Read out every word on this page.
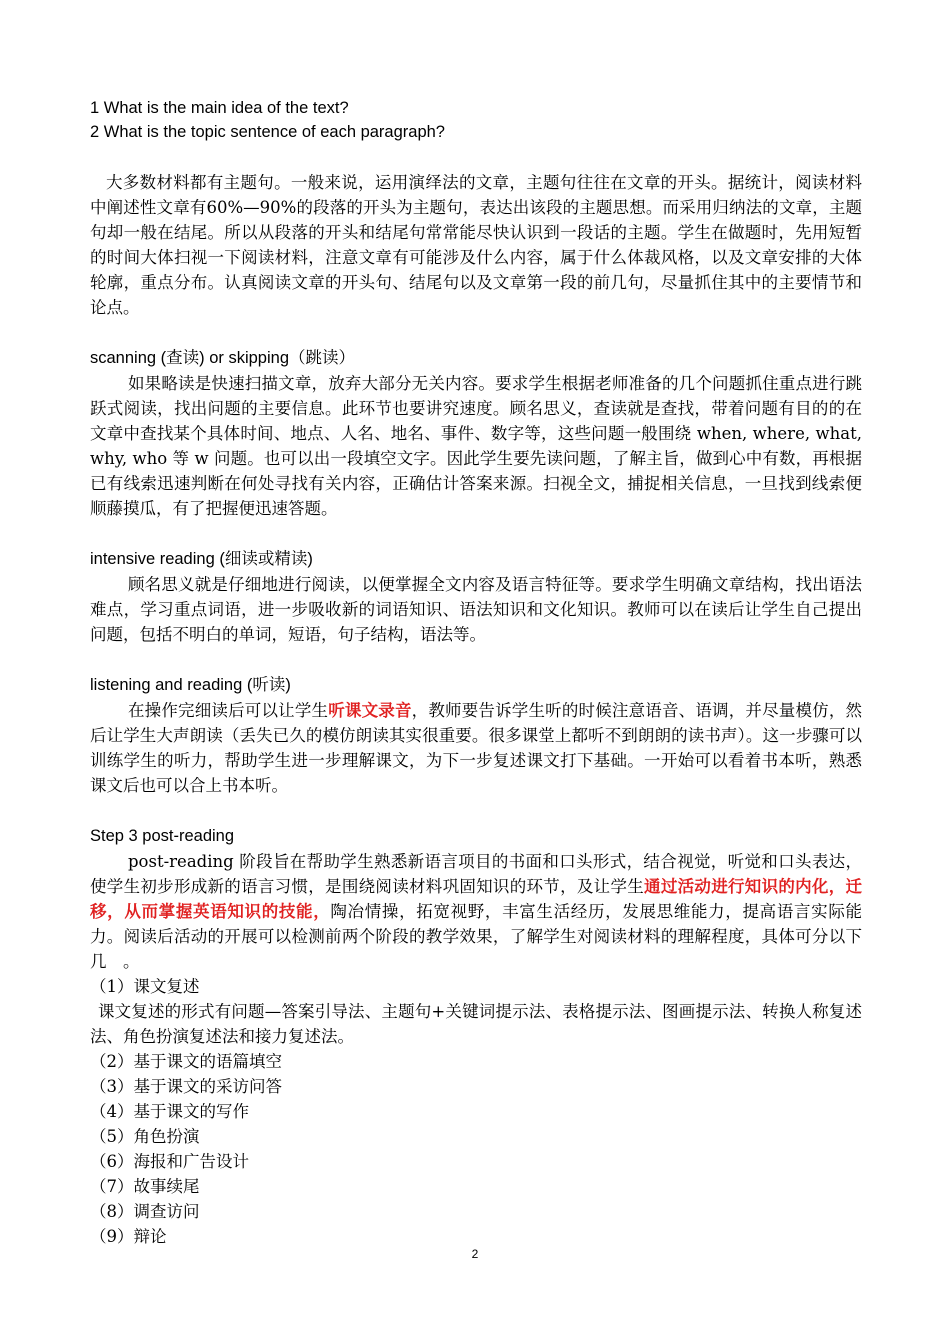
1 What is the main idea of the text?
2 What is the topic sentence of each paragraph?

大多数材料都有主题句。一般来说，运用演绎法的文章，主题句往往在文章的开头。据统计，阅读材料中阐述性文章有60%—90%的段落的开头为主题句，表达出该段的主题思想。而采用归纳法的文章，主题句却一般在结尾。所以从段落的开头和结尾句常常能尽快认识到一段话的主题。学生在做题时，先用短暂的时间大体扫视一下阅读材料，注意文章有可能涉及什么内容，属于什么体裁风格，以及文章安排的大体轮廓，重点分布。认真阅读文章的开头句、结尾句以及文章第一段的前几句，尽量抓住其中的主要情节和论点。

scanning (查读) or skipping（跳读）

如果略读是快速扫描文章，放弃大部分无关内容。要求学生根据老师准备的几个问题抓住重点进行跳跃式阅读，找出问题的主要信息。此环节也要讲究速度。顾名思义，查读就是查找，带着问题有目的的在文章中查找某个具体时间、地点、人名、地名、事件、数字等，这些问题一般围绕 when, where, what, why, who 等 w 问题。也可以出一段填空文字。因此学生要先读问题，了解主旨，做到心中有数，再根据已有线索迅速判断在何处寻找有关内容，正确估计答案来源。扫视全文，捕捉相关信息，一旦找到线索便顺藤摸瓜，有了把握便迅速答题。

intensive reading (细读或精读)

顾名思义就是仔细地进行阅读，以便掌握全文内容及语言特征等。要求学生明确文章结构，找出语法难点，学习重点词语，进一步吸收新的词语知识、语法知识和文化知识。教师可以在读后让学生自己提出问题，包括不明白的单词，短语，句子结构，语法等。

listening and reading (听读)

在操作完细读后可以让学生听课文录音，教师要告诉学生听的时候注意语音、语调，并尽量模仿，然后让学生大声朗读（丢失已久的模仿朗读其实很重要。很多课堂上都听不到朗朗的读书声）。这一步骤可以训练学生的听力，帮助学生进一步理解课文，为下一步复述课文打下基础。一开始可以看着书本听，熟悉课文后也可以合上书本听。

Step 3 post-reading

post-reading 阶段旨在帮助学生熟悉新语言项目的书面和口头形式，结合视觉，听觉和口头表达，使学生初步形成新的语言习惯，是围绕阅读材料巩固知识的环节，及让学生通过活动进行知识的内化，迁移，从而掌握英语知识的技能，陶冶情操，拓宽视野，丰富生活经历，发展思维能力，提高语言实际能力。阅读后活动的开展可以检测前两个阶段的教学效果，了解学生对阅读材料的理解程度，具体可分以下几　。

（1）课文复述

课文复述的形式有问题—答案引导法、主题句+关键词提示法、表格提示法、图画提示法、转换人称复述法、角色扮演复述法和接力复述法。

（2）基于课文的语篇填空
（3）基于课文的采访问答
（4）基于课文的写作
（5）角色扮演
（6）海报和广告设计
（7）故事续尾
（8）调查访问
（9）辩论
2
